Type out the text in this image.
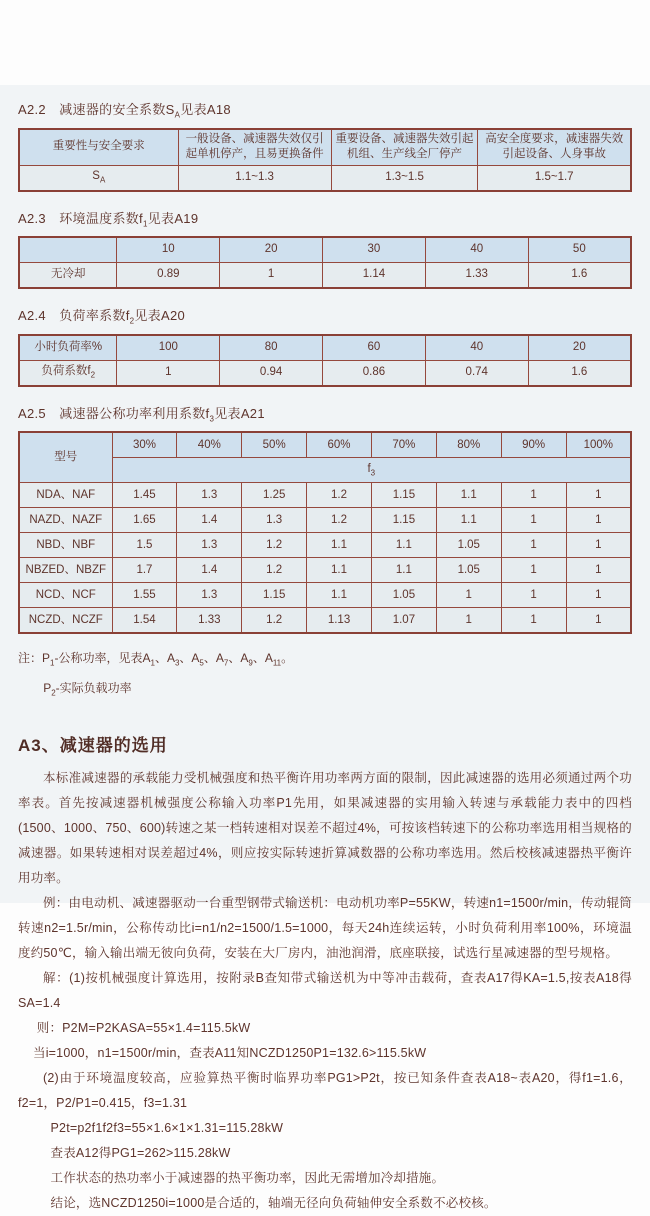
A2.2　减速器的安全系数$S_A$见表A18

重要性与安全要求	一般设备、减速器失效仅引起单机停产，且易更换备件	重要设备、减速器失效引起机组、生产线全厂停产	高安全度要求，减速器失效引起设备、人身事故
$S_A$	1.1~1.3	1.3~1.5	1.5~1.7

A2.3　环境温度系数$f_1$见表A19

	10	20	30	40	50
无冷却	0.89	1	1.14	1.33	1.6

A2.4　负荷率系数$f_2$见表A20

小时负荷率%	100	80	60	40	20
负荷系数$f_2$	1	0.94	0.86	0.74	1.6

A2.5　减速器公称功率利用系数$f_3$见表A21

型号	30%	40%	50%	60%	70%	80%	90%	100%
	$f_3$
NDA、NAF	1.45	1.3	1.25	1.2	1.15	1.1	1	1
NAZD、NAZF	1.65	1.4	1.3	1.2	1.15	1.1	1	1
NBD、NBF	1.5	1.3	1.2	1.1	1.1	1.05	1	1
NBZED、NBZF	1.7	1.4	1.2	1.1	1.1	1.05	1	1
NCD、NCF	1.55	1.3	1.15	1.1	1.05	1	1	1
NCZD、NCZF	1.54	1.33	1.2	1.13	1.07	1	1	1
注：$P_1-$公称功率，见表$A_1$、$A_3$、$A_5$、$A_7$、$A_9$、$A_{11}$。
$P_2-$实际负载功率

A3、减速器的选用

本标准减速器的承载能力受机械强度和热平衡许用功率两方面的限制，因此减速器的选用必须通过两个功率表。首先按减速器机械强度公称输入功率P1先用，如果减速器的实用输入转速与承载能力表中的四档(1500、1000、750、600)转速之某一档转速相对误差不超过4%，可按该档转速下的公称功率选用相当规格的减速器。如果转速相对误差超过4%，则应按实际转速折算减数器的公称功率选用。然后校核减速器热平衡许用功率。

例：由电动机、减速器驱动一台重型钢带式输送机：电动机功率P=55KW，转速n1=1500r/min，传动辊筒转速n2=1.5r/min，公称传动比i=n1/n2=1500/1.5=1000，每天24h连续运转，小时负荷利用率100%，环境温度约50℃，输入输出端无彼向负荷，安装在大厂房内，油池润滑，底座联接，试选行星减速器的型号规格。

解：(1)按机械强度计算选用，按附录B查知带式输送机为中等冲击载荷，查表A17得KA=1.5,按表A18得SA=1.4

则：P2M=P2KASA=55×1.4=115.5kW

当i=1000，n1=1500r/min，查表A11知NCZD1250P1=132.6>115.5kW

(2)由于环境温度较高，应验算热平衡时临界功率PG1>P2t，按已知条件查表A18~表A20，得f1=1.6，f2=1，P2/P1=0.415，f3=1.31

P2t=p2f1f2f3=55×1.6×1×1.31=115.28kW

查表A12得PG1=262>115.28kW

工作状态的热功率小于减速器的热平衡功率，因此无需增加冷却措施。

结论，选NCZD1250i=1000是合适的，轴端无径向负荷轴伸安全系数不必校核。
